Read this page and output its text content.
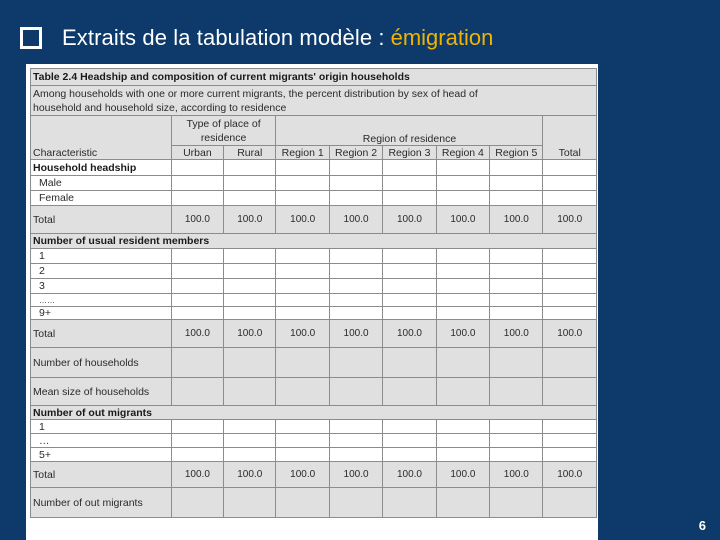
Extraits de la tabulation modèle : émigration
Table 2.4 Headship and composition of current migrants' origin households								

Among households with one or more current migrants, the percent distribution by sex of head of
household and household size, according to residence								

Characteristic	Type of place of residence		Region of residence					Total
	Urban	Rural	Region 1	Region 2	Region 3	Region 4	Region 5	
Household headship								
Male								
Female								
Total	100.0	100.0	100.0	100.0	100.0	100.0	100.0	100.0
Number of usual resident members								
1								
2								
3								
……								
9+								
Total	100.0	100.0	100.0	100.0	100.0	100.0	100.0	100.0
Number of households								
Mean size of households								
Number of out migrants								
1								
…								
5+								
Total	100.0	100.0	100.0	100.0	100.0	100.0	100.0	100.0
Number of out migrants								
6
